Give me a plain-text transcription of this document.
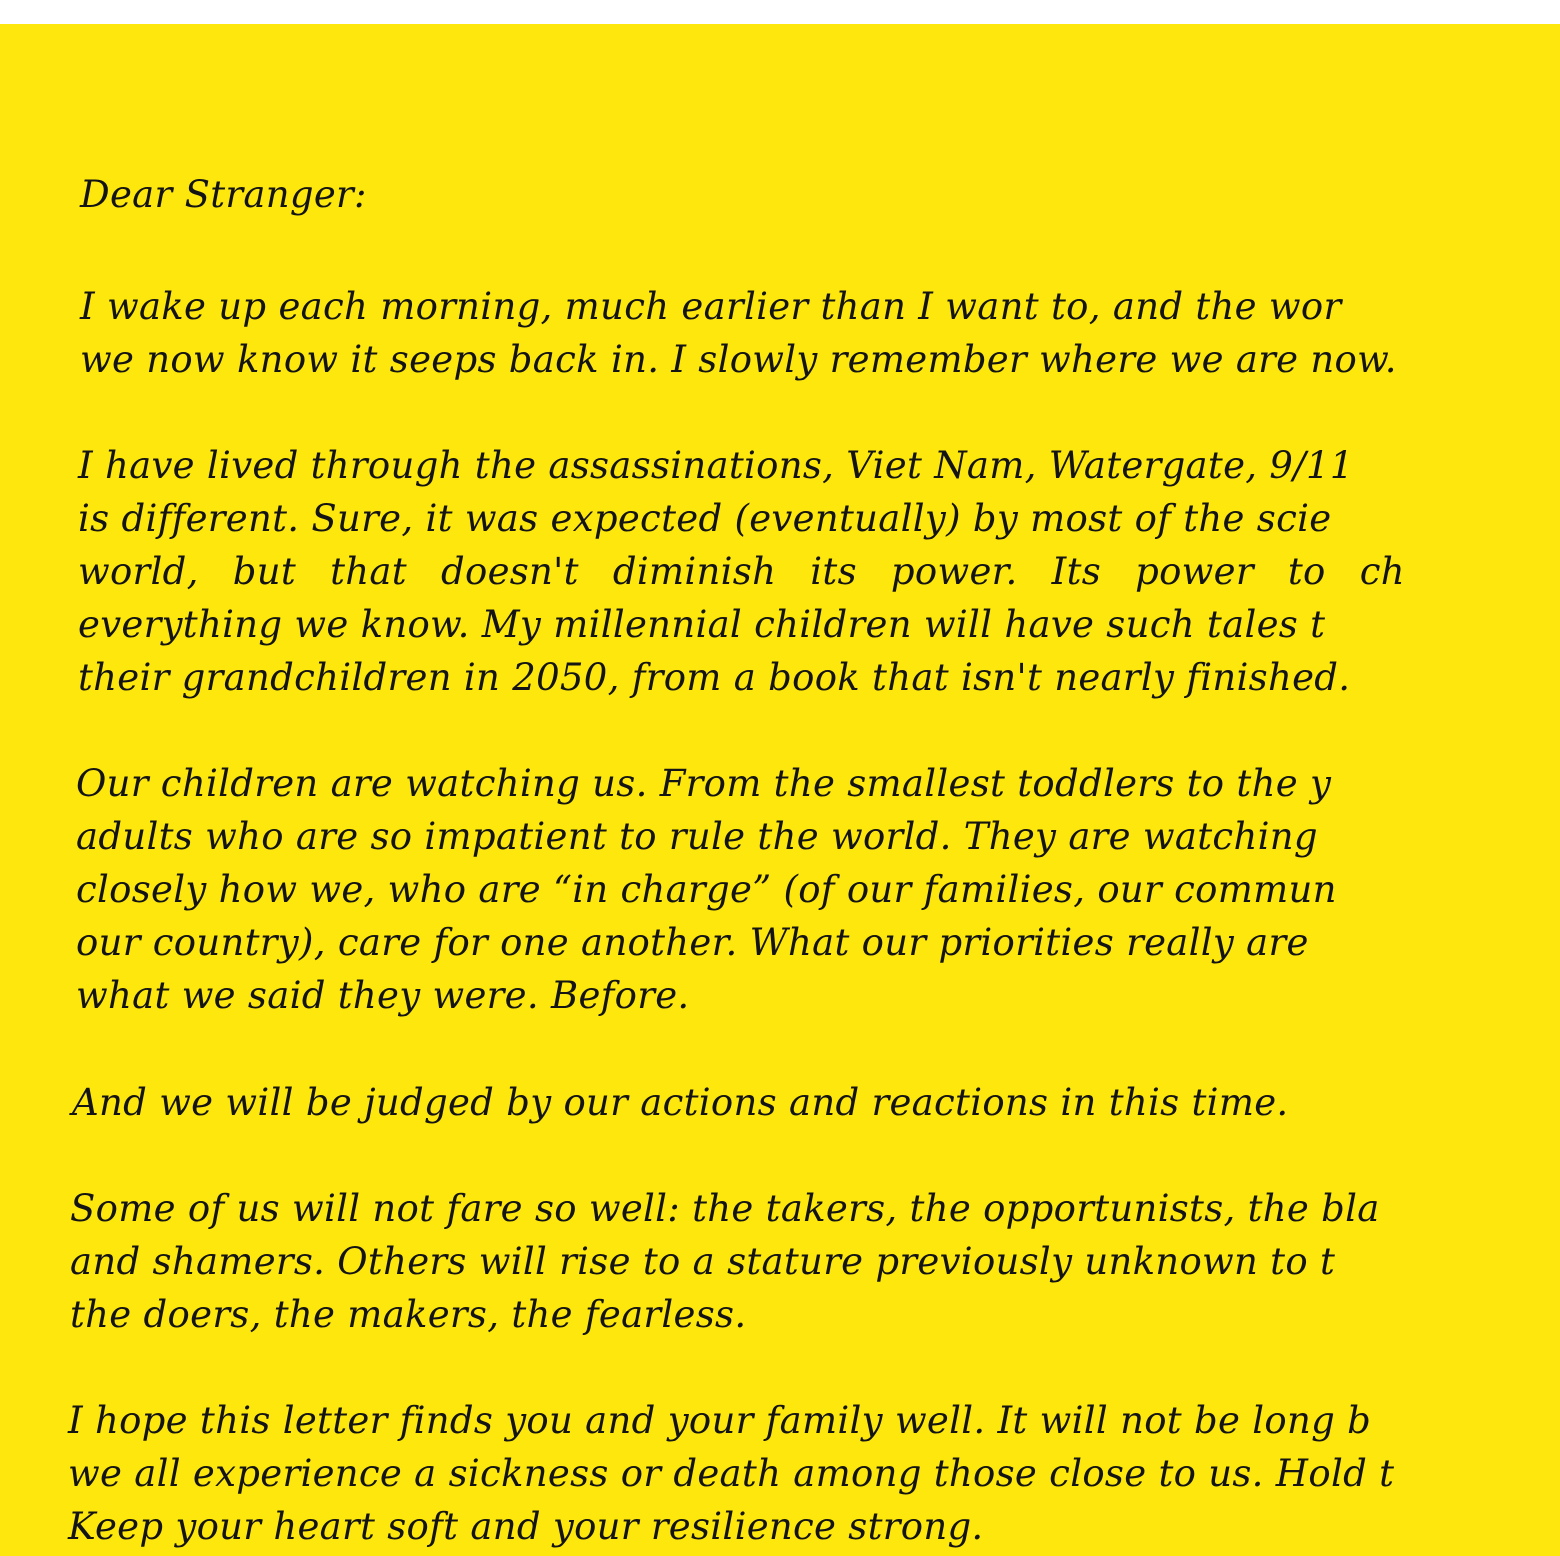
Dear Stranger:
I wake up each morning, much earlier than I want to, and the wor
we now know it seeps back in. I slowly remember where we are now.
I have lived through the assassinations, Viet Nam, Watergate, 9/11
is different. Sure, it was expected (eventually) by most of the scie
world, but that doesn't diminish its power. Its power to ch
everything we know. My millennial children will have such tales t
their grandchildren in 2050, from a book that isn't nearly finished.
Our children are watching us. From the smallest toddlers to the y
adults who are so impatient to rule the world. They are watching
closely how we, who are “in charge” (of our families, our commun
our country), care for one another. What our priorities really are
what we said they were. Before.
And we will be judged by our actions and reactions in this time.
Some of us will not fare so well: the takers, the opportunists, the bla
and shamers. Others will rise to a stature previously unknown to t
the doers, the makers, the fearless.
I hope this letter finds you and your family well. It will not be long b
we all experience a sickness or death among those close to us. Hold t
Keep your heart soft and your resilience strong.
